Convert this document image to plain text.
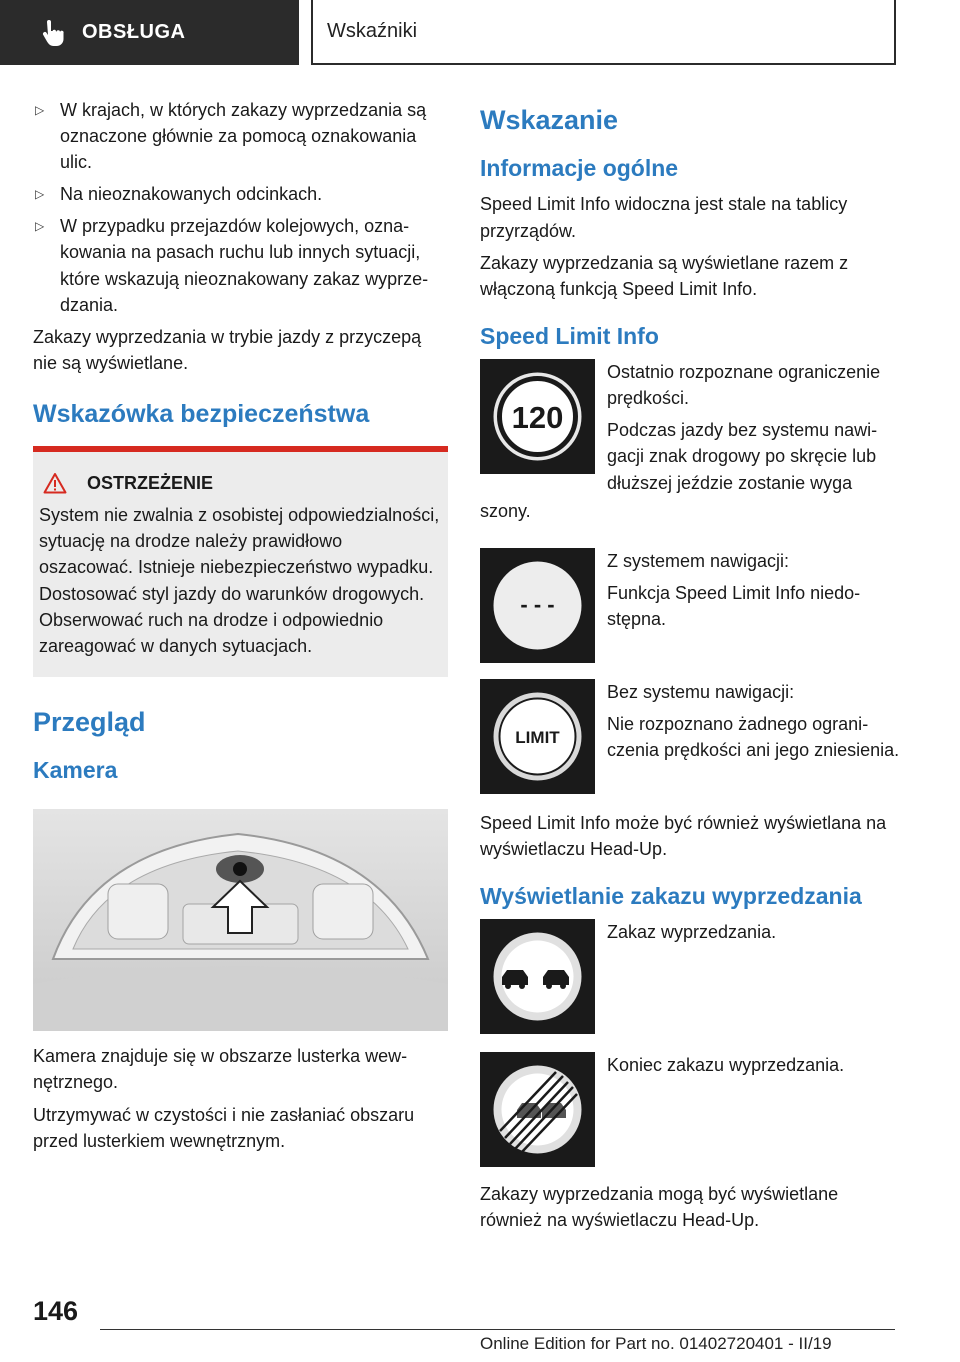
OBSŁUGA	Wskaźniki
▷ W krajach, w których zakazy wyprzedzania są oznaczone głównie za pomocą oznakowania ulic.
▷ Na nieoznakowanych odcinkach.
▷ W przypadku przejazdów kolejowych, oznakowania na pasach ruchu lub innych sytuacji, które wskazują nieoznakowany zakaz wyprzedzania.

Zakazy wyprzedzania w trybie jazdy z przyczepą nie są wyświetlane.

Wskazówka bezpieczeństwa
OSTRZEŻENIE

System nie zwalnia z osobistej odpowiedzialności, sytuację na drodze należy prawidłowo oszacować. Istnieje niebezpieczeństwo wypadku. Dostosować styl jazdy do warunków drogowych. Obserwować ruch na drodze i odpowiednio zareagować w danych sytuacjach.

Przegląd
Kamera

Kamera znajduje się w obszarze lusterka wewnętrznego.

Utrzymywać w czystości i nie zasłaniać obszaru przed lusterkiem wewnętrznym.

Wskazanie
Informacje ogólne

Speed Limit Info widoczna jest stale na tablicy przyrządów.

Zakazy wyprzedzania są wyświetlane razem z włączoną funkcją Speed Limit Info.

Speed Limit Info
120

Ostatnio rozpoznane ograniczenie prędkości.

Podczas jazdy bez systemu nawigacji znak drogowy po skręcie lub dłuższej jeździe zostanie wyga

szony.

- - -

Z systemem nawigacji:

Funkcja Speed Limit Info niedostępna.

LIMIT

Bez systemu nawigacji:

Nie rozpoznano żadnego ograniczenia prędkości ani jego zniesienia.

Speed Limit Info może być również wyświetlana na wyświetlaczu Head-Up.

Wyświetlanie zakazu wyprzedzania

Zakaz wyprzedzania.

Koniec zakazu wyprzedzania.

Zakazy wyprzedzania mogą być wyświetlane również na wyświetlaczu Head-Up.

146
Online Edition for Part no. 01402720401 - II/19
